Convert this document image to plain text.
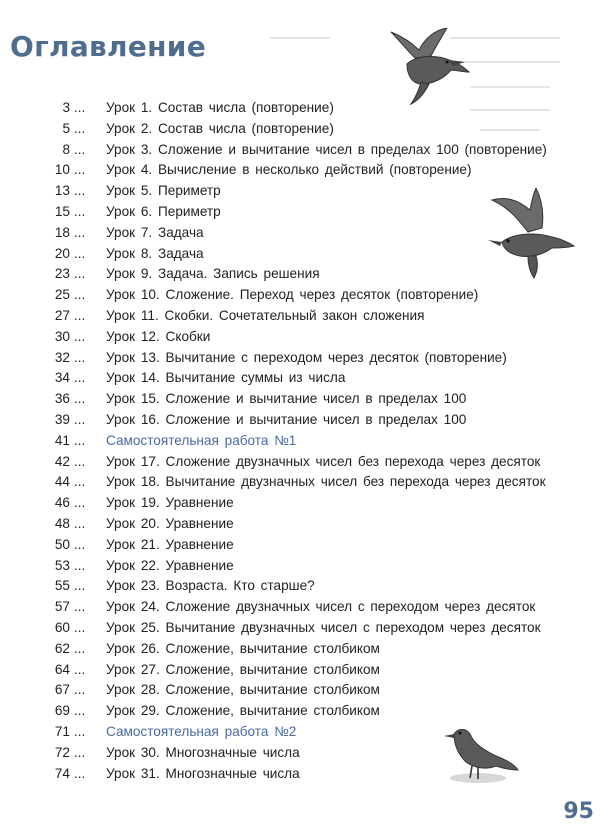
Оглавление
3 ... Урок 1. Состав числа (повторение)
5 ... Урок 2. Состав числа (повторение)
8 ... Урок 3. Сложение и вычитание чисел в пределах 100 (повторение)
10 ... Урок 4. Вычисление в несколько действий (повторение)
13 ... Урок 5. Периметр
15 ... Урок 6. Периметр
18 ... Урок 7. Задача
20 ... Урок 8. Задача
23 ... Урок 9. Задача. Запись решения
25 ... Урок 10. Сложение. Переход через десяток (повторение)
27 ... Урок 11. Скобки. Сочетательный закон сложения
30 ... Урок 12. Скобки
32 ... Урок 13. Вычитание с переходом через десяток (повторение)
34 ... Урок 14. Вычитание суммы из числа
36 ... Урок 15. Сложение и вычитание чисел в пределах 100
39 ... Урок 16. Сложение и вычитание чисел в пределах 100
41 ... Самостоятельная работа №1
42 ... Урок 17. Сложение двузначных чисел без перехода через десяток
44 ... Урок 18. Вычитание двузначных чисел без перехода через десяток
46 ... Урок 19. Уравнение
48 ... Урок 20. Уравнение
50 ... Урок 21. Уравнение
53 ... Урок 22. Уравнение
55 ... Урок 23. Возраста. Кто старше?
57 ... Урок 24. Сложение двузначных чисел с переходом через десяток
60 ... Урок 25. Вычитание двузначных чисел с переходом через десяток
62 ... Урок 26. Сложение, вычитание столбиком
64 ... Урок 27. Сложение, вычитание столбиком
67 ... Урок 28. Сложение, вычитание столбиком
69 ... Урок 29. Сложение, вычитание столбиком
71 ... Самостоятельная работа №2
72 ... Урок 30. Многозначные числа
74 ... Урок 31. Многозначные числа
95
